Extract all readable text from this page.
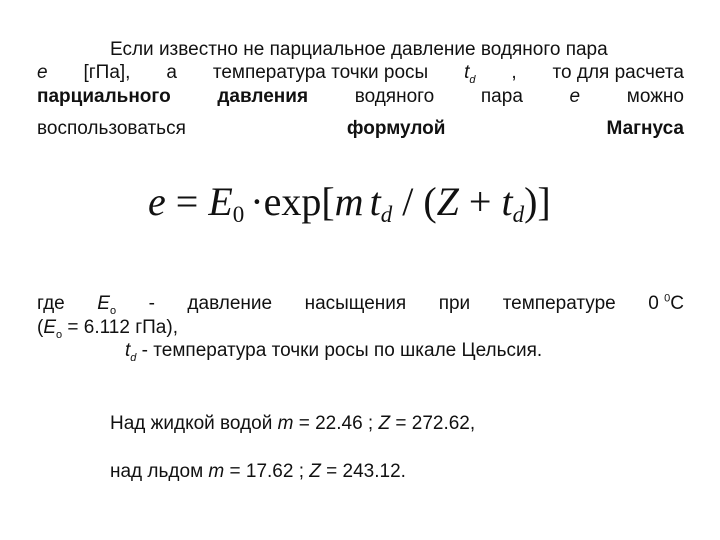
Если известно не парциальное давление водяного пара
е [гПа], а температура точки росы $t_d$ , то для расчета
парциального давления водяного пара е можно
воспользоваться	формулой	Магнуса
$e = E_0 \cdot\exp[m$ $t_d / (Z + t_d)$]
где $E_o$ - давление насыщения при температуре 0 $^0$С
($E_o = 6.112$ гПа),
$t_d$ - температура точки росы по шкале Цельсия.
Над жидкой водой m = 22.46 ; Z = 272.62,
над льдом m = 17.62 ; Z = 243.12.
